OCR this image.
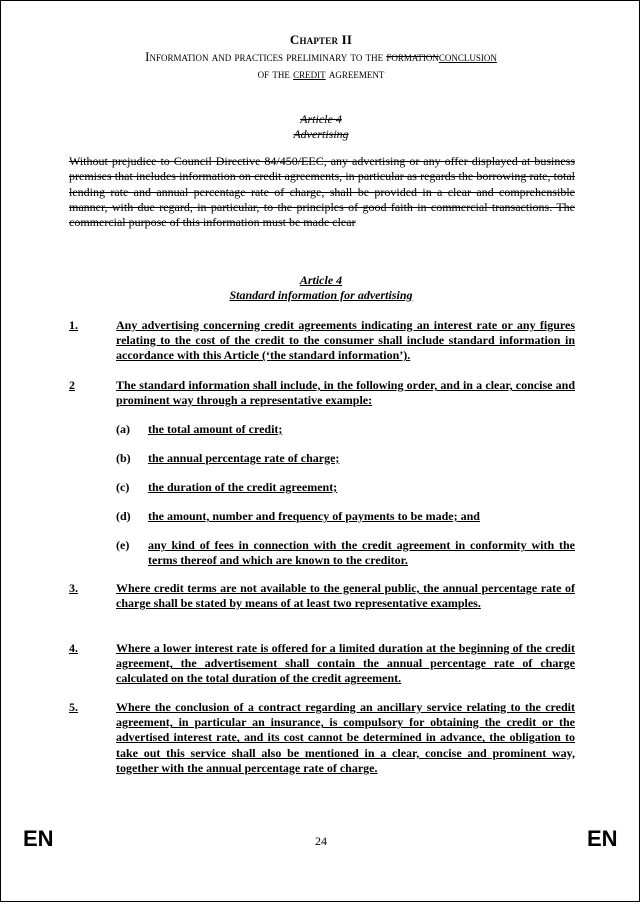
Chapter II
Information and practices preliminary to the formationconclusion
of the credit agreement
Article 4
Advertising
Without prejudice to Council Directive 84/450/EEC, any advertising or any offer displayed at business premises that includes information on credit agreements, in particular as regards the borrowing rate, total lending rate and annual percentage rate of charge, shall be provided in a clear and comprehensible manner, with due regard, in particular, to the principles of good faith in commercial transactions. The commercial purpose of this information must be made clear
Article 4
Standard information for advertising
1.	Any advertising concerning credit agreements indicating an interest rate or any figures relating to the cost of the credit to the consumer shall include standard information in accordance with this Article (‘the standard information’).
2	The standard information shall include, in the following order, and in a clear, concise and prominent way through a representative example:
(a)	the total amount of credit;
(b)	the annual percentage rate of charge;
(c)	the duration of the credit agreement;
(d)	the amount, number and frequency of payments to be made; and
(e)	any kind of fees in connection with the credit agreement in conformity with the terms thereof and which are known to the creditor.
3.	Where credit terms are not available to the general public, the annual percentage rate of charge shall be stated by means of at least two representative examples.
4.	Where a lower interest rate is offered for a limited duration at the beginning of the credit agreement, the advertisement shall contain the annual percentage rate of charge calculated on the total duration of the credit agreement.
5.	Where the conclusion of a contract regarding an ancillary service relating to the credit agreement, in particular an insurance, is compulsory for obtaining the credit or the advertised interest rate, and its cost cannot be determined in advance, the obligation to take out this service shall also be mentioned in a clear, concise and prominent way, together with the annual percentage rate of charge.
EN	24	EN
